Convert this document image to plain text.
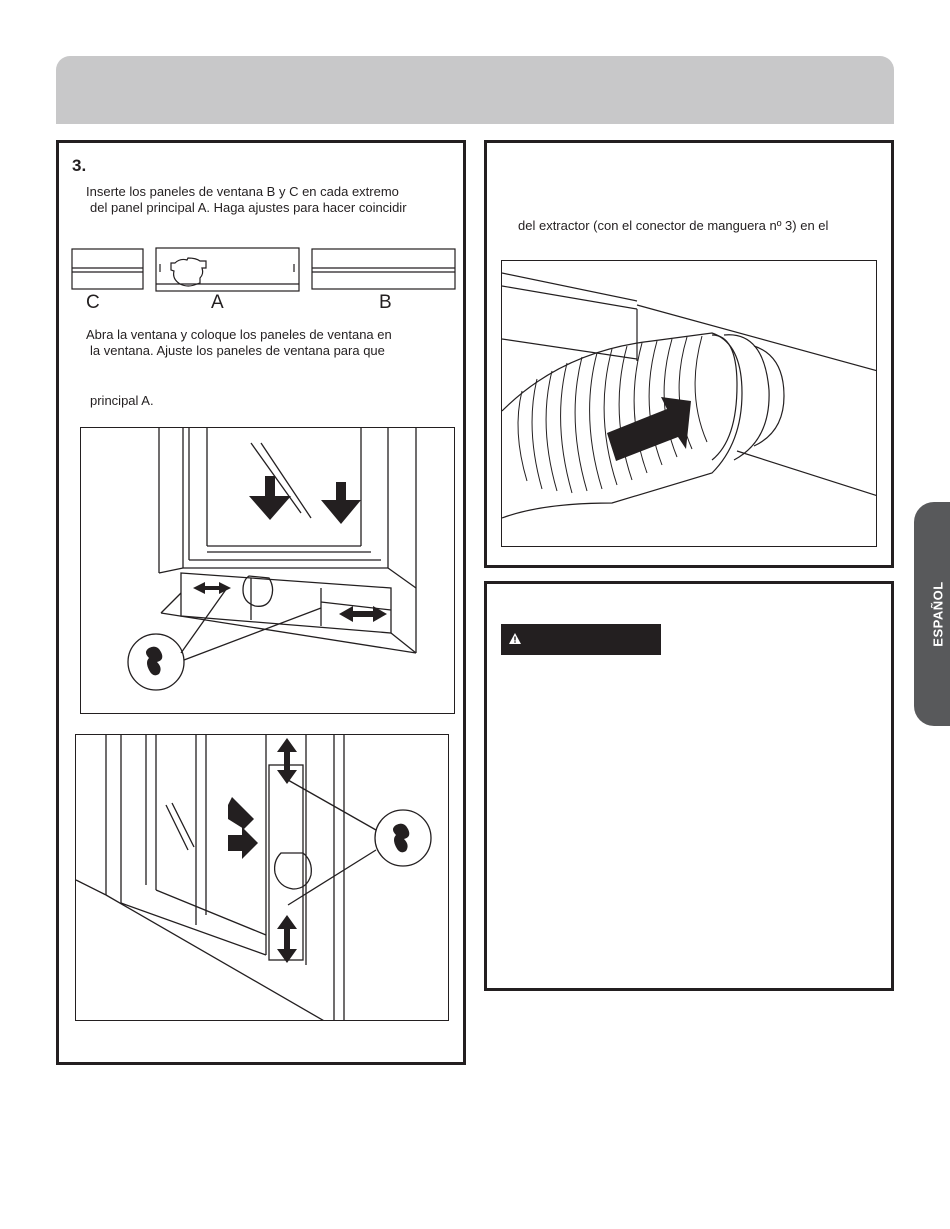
3.
Inserte los paneles de ventana B y C en cada extremo
del panel principal A. Haga ajustes para hacer coincidir
C	A	B
Abra la ventana y coloque los paneles de ventana en
la ventana. Ajuste los paneles de ventana para que
principal A.
del extractor (con el conector de manguera nº 3) en el
ESPAÑOL
